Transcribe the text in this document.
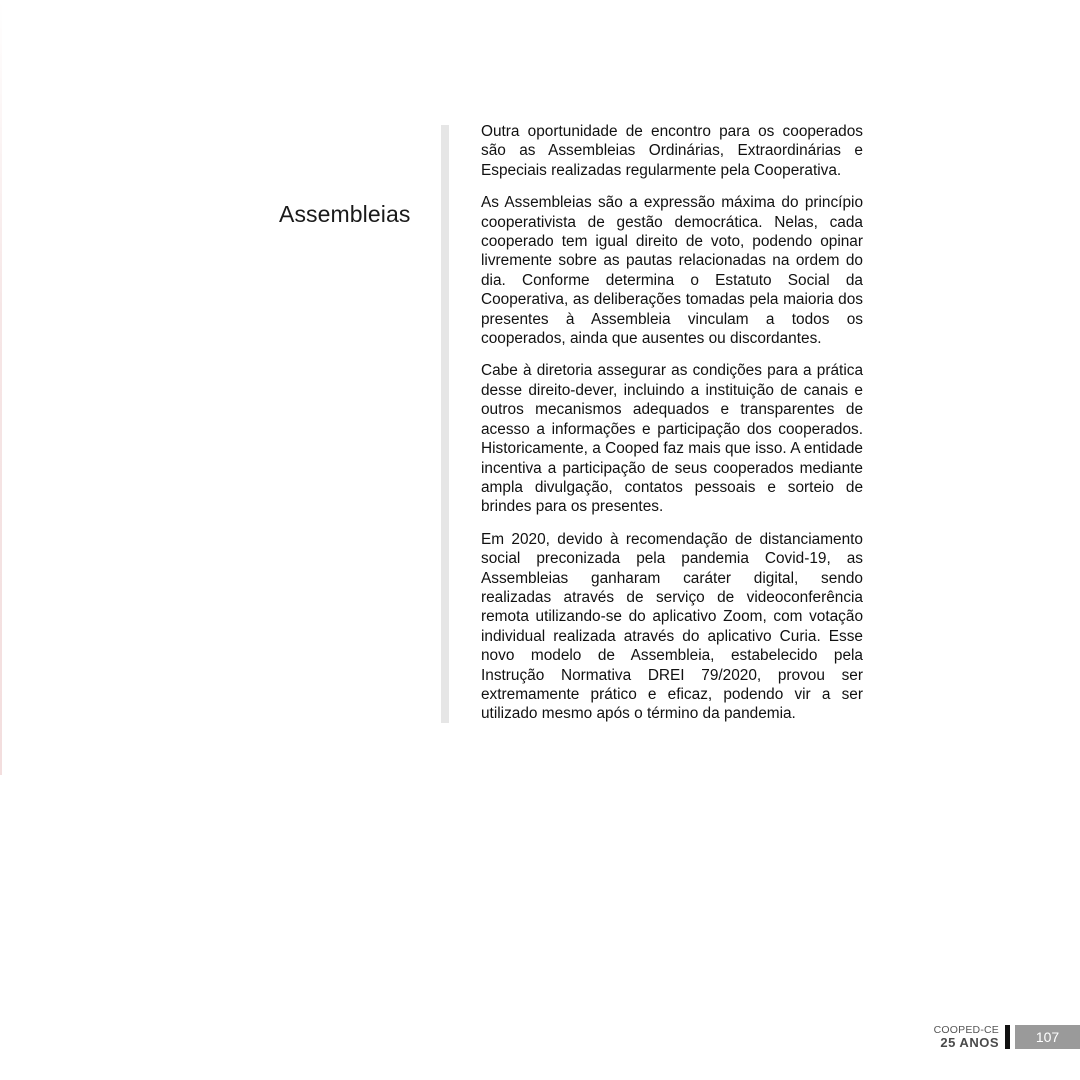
Assembleias

Outra oportunidade de encontro para os cooperados são as Assembleias Ordinárias, Extraordinárias e Especiais realizadas regularmente pela Cooperativa.

As Assembleias são a expressão máxima do princípio cooperativista de gestão democrática. Nelas, cada cooperado tem igual direito de voto, podendo opinar livremente sobre as pautas relacionadas na ordem do dia. Conforme determina o Estatuto Social da Cooperativa, as deliberações tomadas pela maioria dos presentes à Assembleia vinculam a todos os cooperados, ainda que ausentes ou discordantes.

Cabe à diretoria assegurar as condições para a prática desse direito-dever, incluindo a instituição de canais e outros mecanismos adequados e transparentes de acesso a informações e participação dos cooperados. Historicamente, a Cooped faz mais que isso. A entidade incentiva a participação de seus cooperados mediante ampla divulgação, contatos pessoais e sorteio de brindes para os presentes.

Em 2020, devido à recomendação de distanciamento social preconizada pela pandemia Covid-19, as Assembleias ganharam caráter digital, sendo realizadas através de serviço de videoconferência remota utilizando-se do aplicativo Zoom, com votação individual realizada através do aplicativo Curia. Esse novo modelo de Assembleia, estabelecido pela Instrução Normativa DREI 79/2020, provou ser extremamente prático e eficaz, podendo vir a ser utilizado mesmo após o término da pandemia.

COOPED-CE
25 ANOS	107
